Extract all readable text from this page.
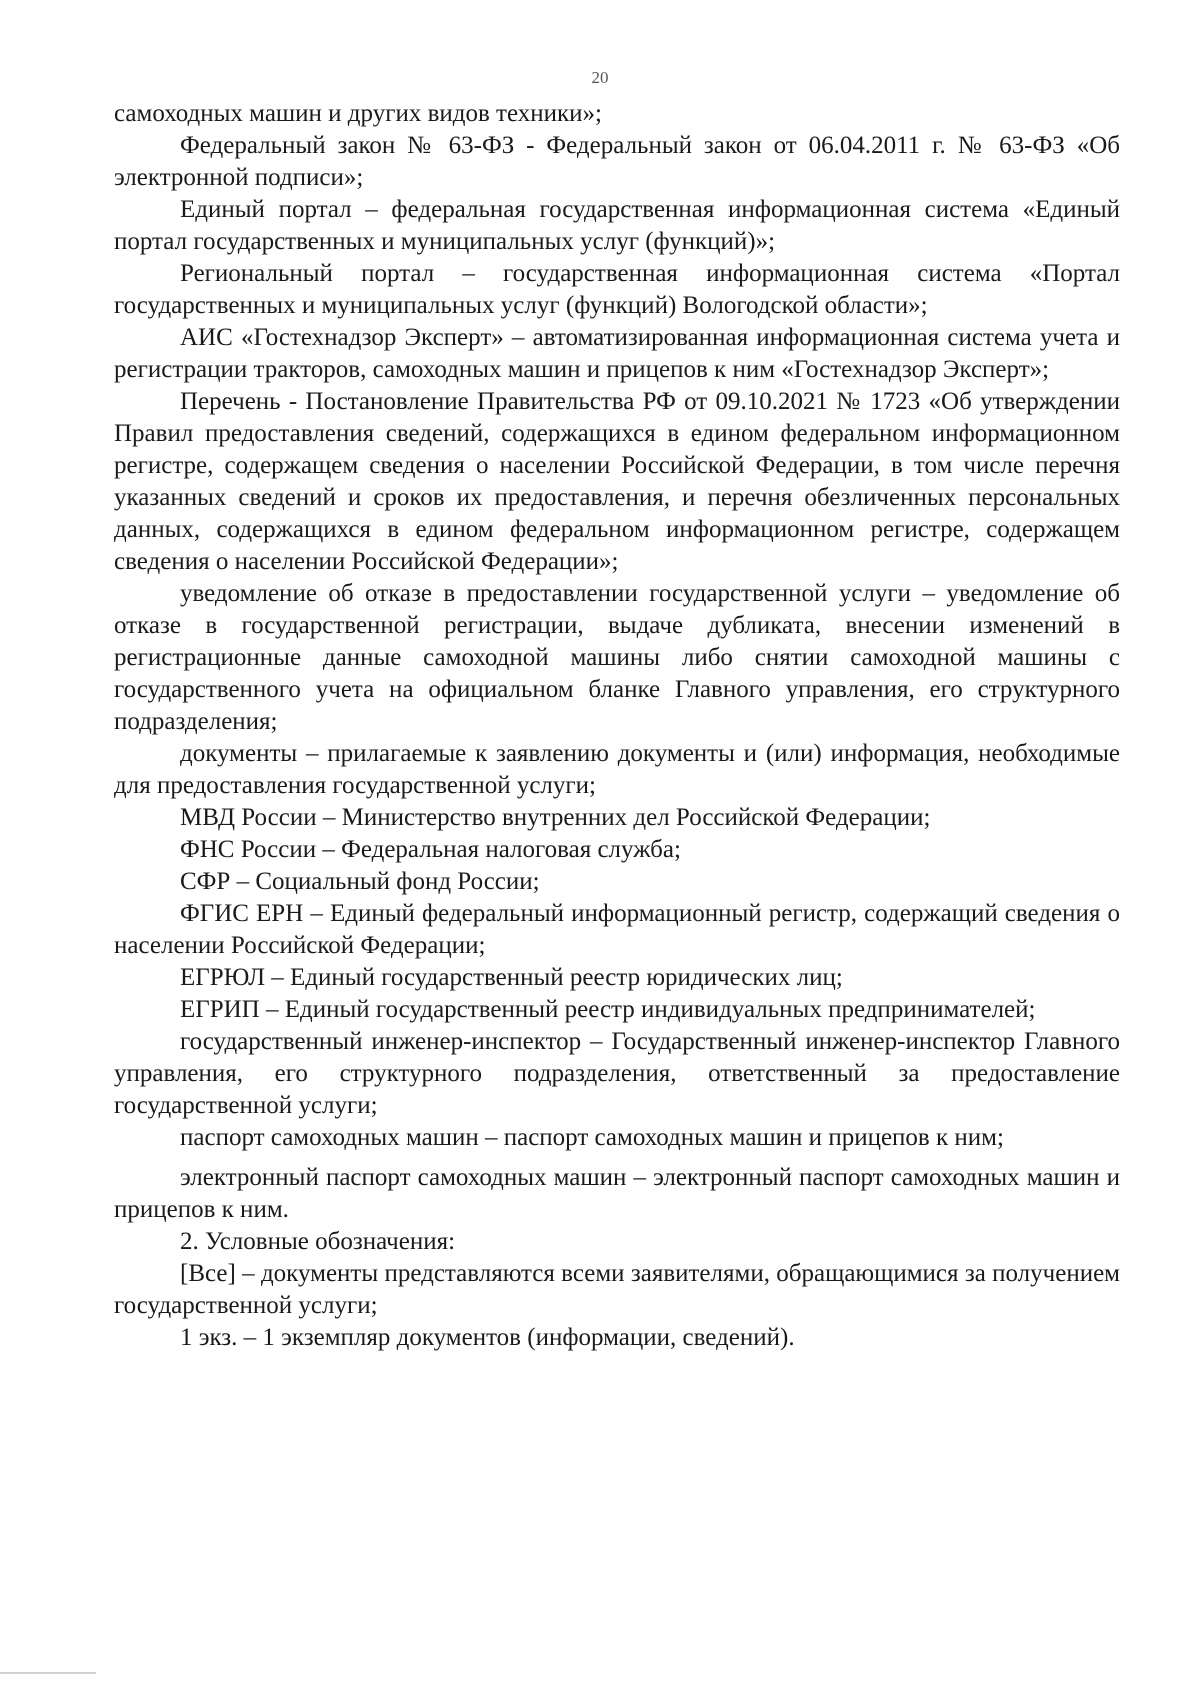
20

самоходных машин и других видов техники»;

Федеральный закон № 63-ФЗ - Федеральный закон от 06.04.2011 г. № 63-ФЗ «Об электронной подписи»;

Единый портал – федеральная государственная информационная система «Единый портал государственных и муниципальных услуг (функций)»;

Региональный портал – государственная информационная система «Портал государственных и муниципальных услуг (функций) Вологодской области»;

АИС «Гостехнадзор Эксперт» – автоматизированная информационная система учета и регистрации тракторов, самоходных машин и прицепов к ним «Гостехнадзор Эксперт»;

Перечень - Постановление Правительства РФ от 09.10.2021 № 1723 «Об утверждении Правил предоставления сведений, содержащихся в едином федеральном информационном регистре, содержащем сведения о населении Российской Федерации, в том числе перечня указанных сведений и сроков их предоставления, и перечня обезличенных персональных данных, содержащихся в едином федеральном информационном регистре, содержащем сведения о населении Российской Федерации»;

уведомление об отказе в предоставлении государственной услуги – уведомление об отказе в государственной регистрации, выдаче дубликата, внесении изменений в регистрационные данные самоходной машины либо снятии самоходной машины с государственного учета на официальном бланке Главного управления, его структурного подразделения;

документы – прилагаемые к заявлению документы и (или) информация, необходимые для предоставления государственной услуги;

МВД России – Министерство внутренних дел Российской Федерации;

ФНС России – Федеральная налоговая служба;

СФР – Социальный фонд России;

ФГИС ЕРН – Единый федеральный информационный регистр, содержащий сведения о населении Российской Федерации;

ЕГРЮЛ – Единый государственный реестр юридических лиц;

ЕГРИП – Единый государственный реестр индивидуальных предпринимателей;

государственный инженер-инспектор – Государственный инженер-инспектор Главного управления, его структурного подразделения, ответственный за предоставление государственной услуги;

паспорт самоходных машин – паспорт самоходных машин и прицепов к ним;

электронный паспорт самоходных машин – электронный паспорт самоходных машин и прицепов к ним.

2. Условные обозначения:

[Все] – документы представляются всеми заявителями, обращающимися за получением государственной услуги;

1 экз. – 1 экземпляр документов (информации, сведений).
